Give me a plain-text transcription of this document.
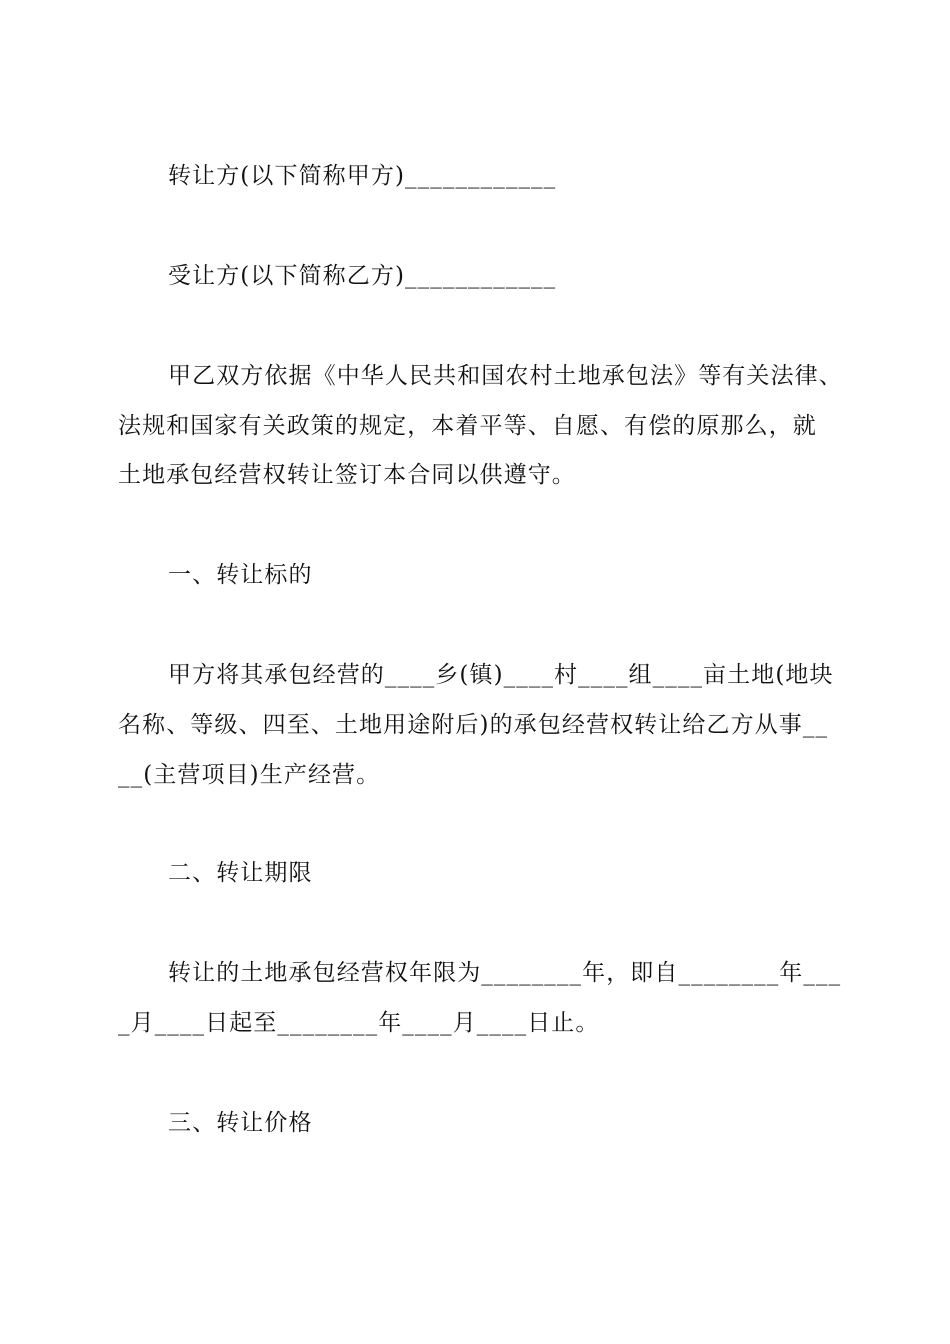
转让方(以下简称甲方)____________
受让方(以下简称乙方)____________
甲乙双方依据《中华人民共和国农村土地承包法》等有关法律、
法规和国家有关政策的规定，本着平等、自愿、有偿的原那么，就
土地承包经营权转让签订本合同以供遵守。
一、转让标的
甲方将其承包经营的____乡(镇)____村____组____亩土地(地块
名称、等级、四至、土地用途附后)的承包经营权转让给乙方从事__
__(主营项目)生产经营。
二、转让期限
转让的土地承包经营权年限为________年，即自________年___
_月____日起至________年____月____日止。
三、转让价格
